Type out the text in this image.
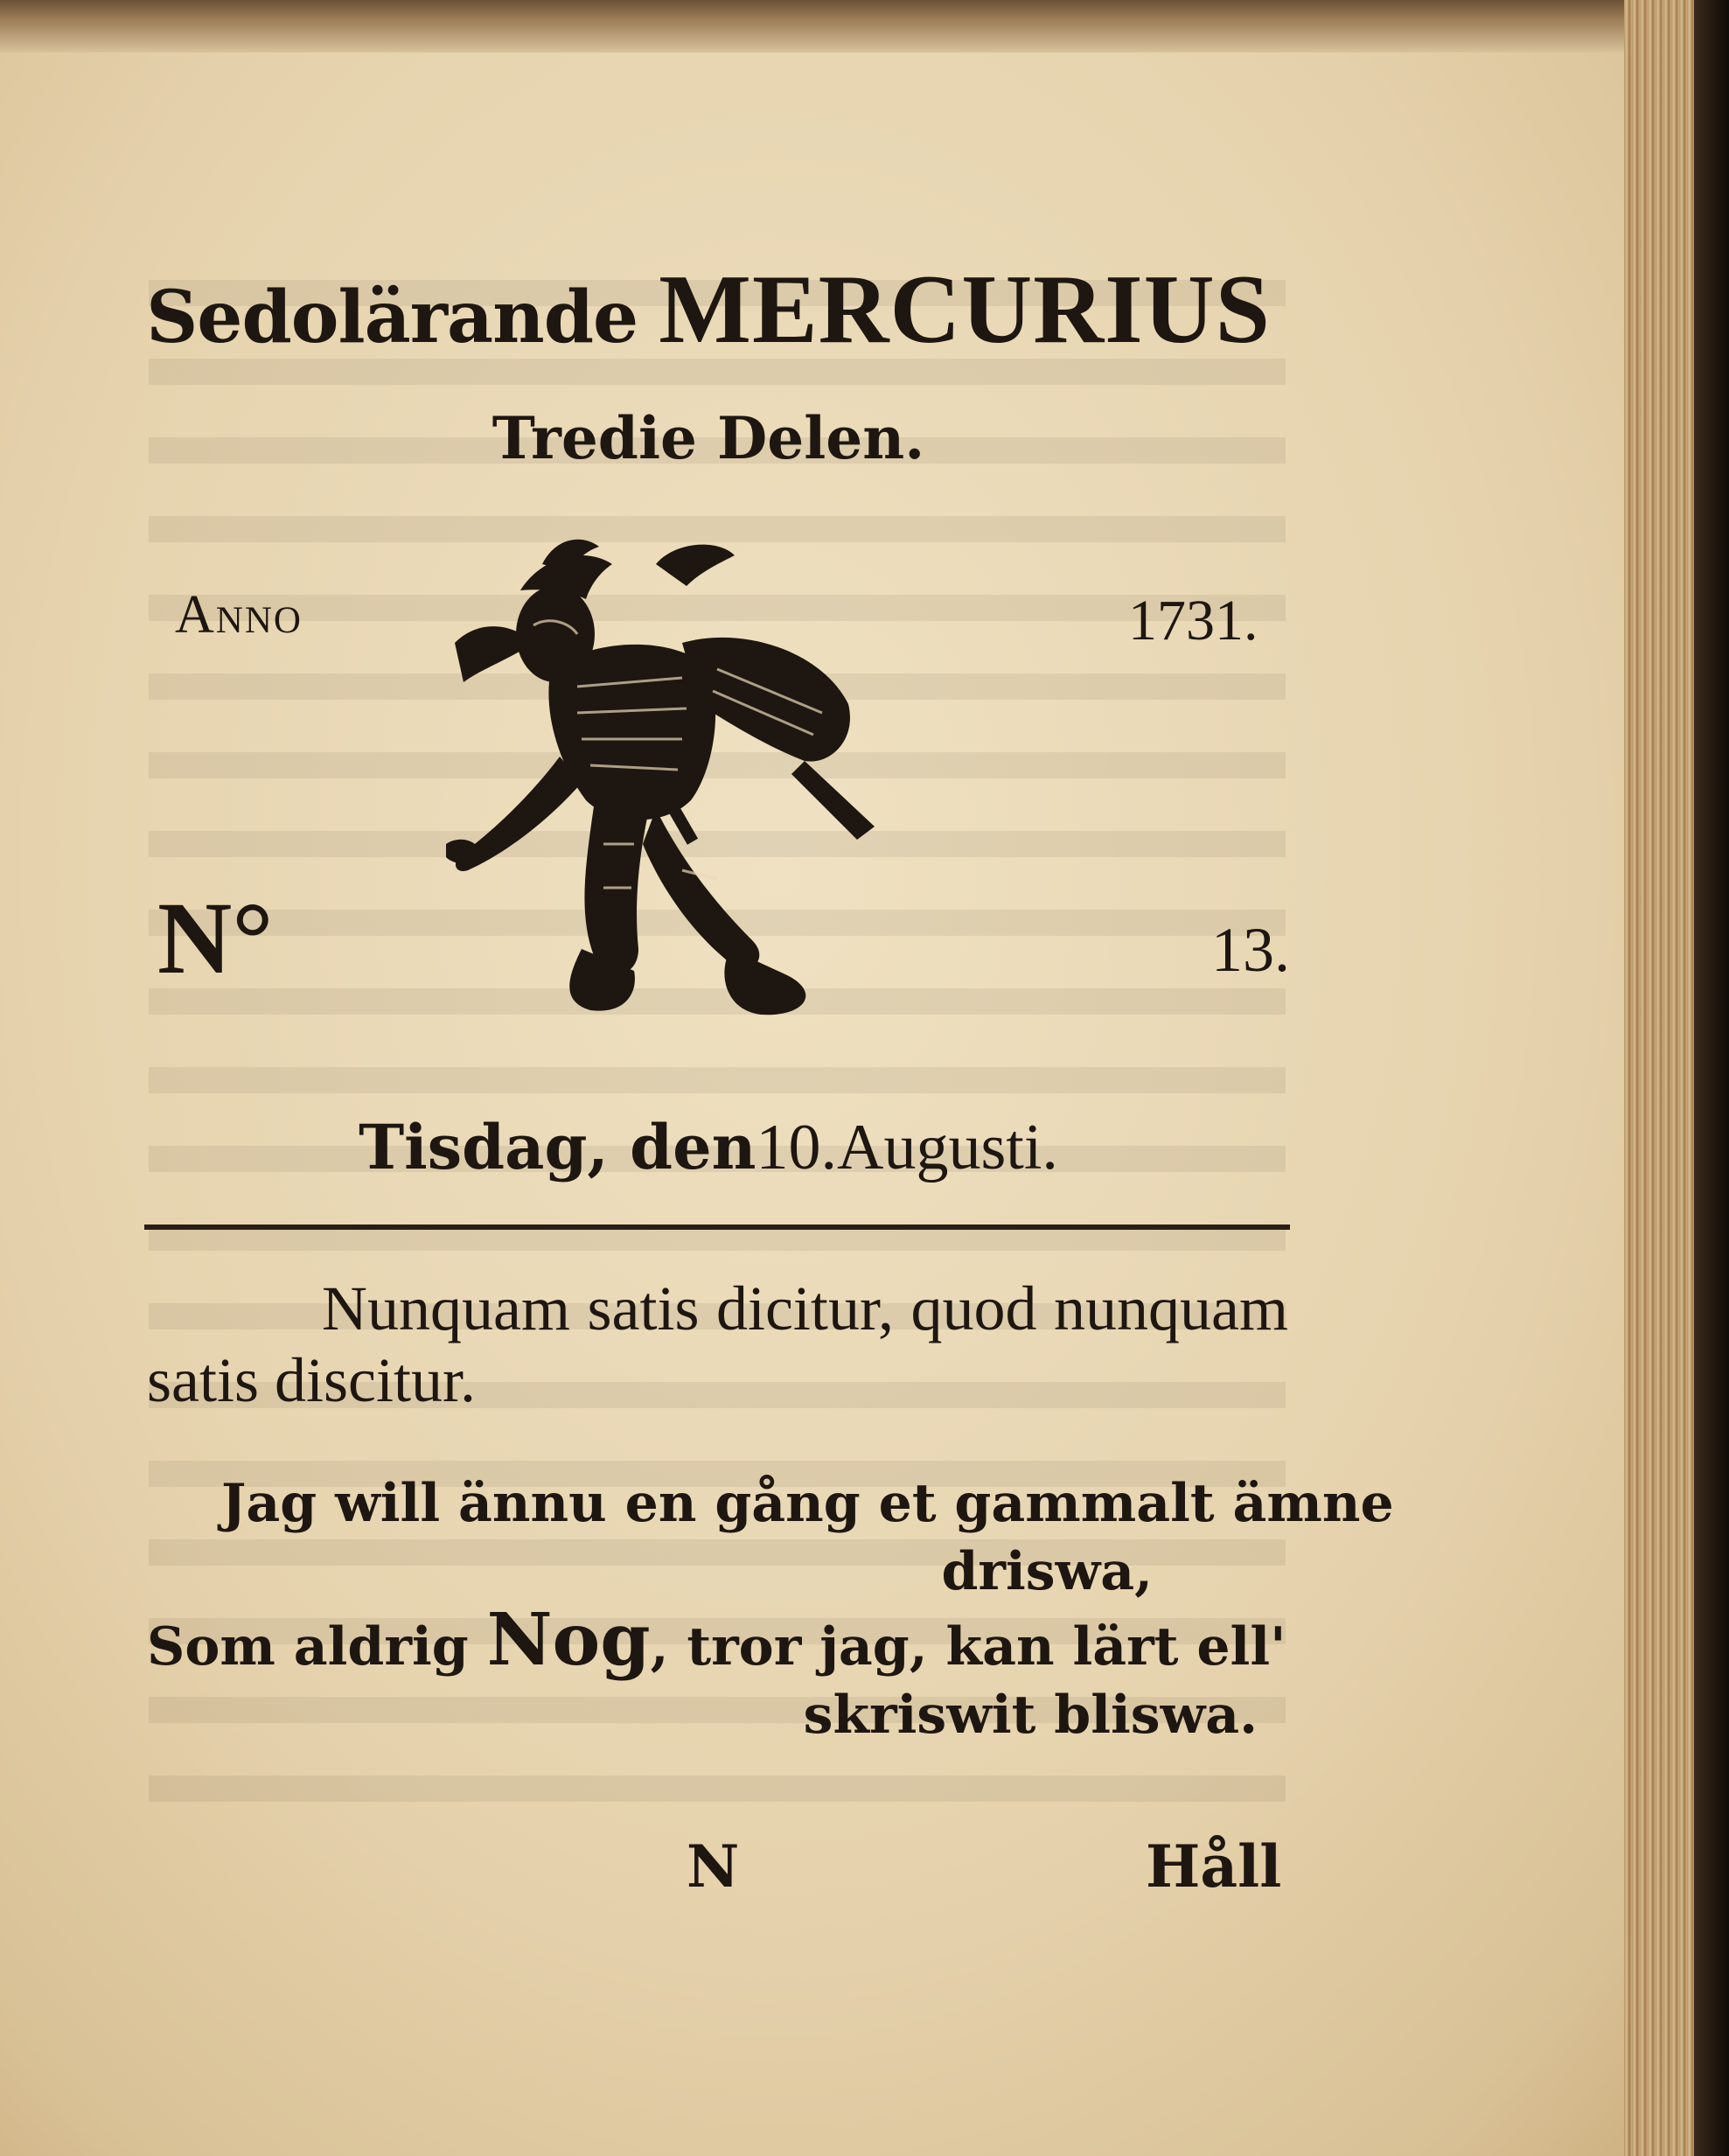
Sedolärande MERCURIUS
Tredie Delen.
Anno	1731.
N°	13.
Tisdag, den10.Augusti.
Nunquam satis dicitur, quod nunquam satis discitur.
Jag will ännu en gång et gammalt ämne
driswa,
Som aldrig Nog, tror jag, kan lärt ell'
skriswit bliswa.
N	Håll
